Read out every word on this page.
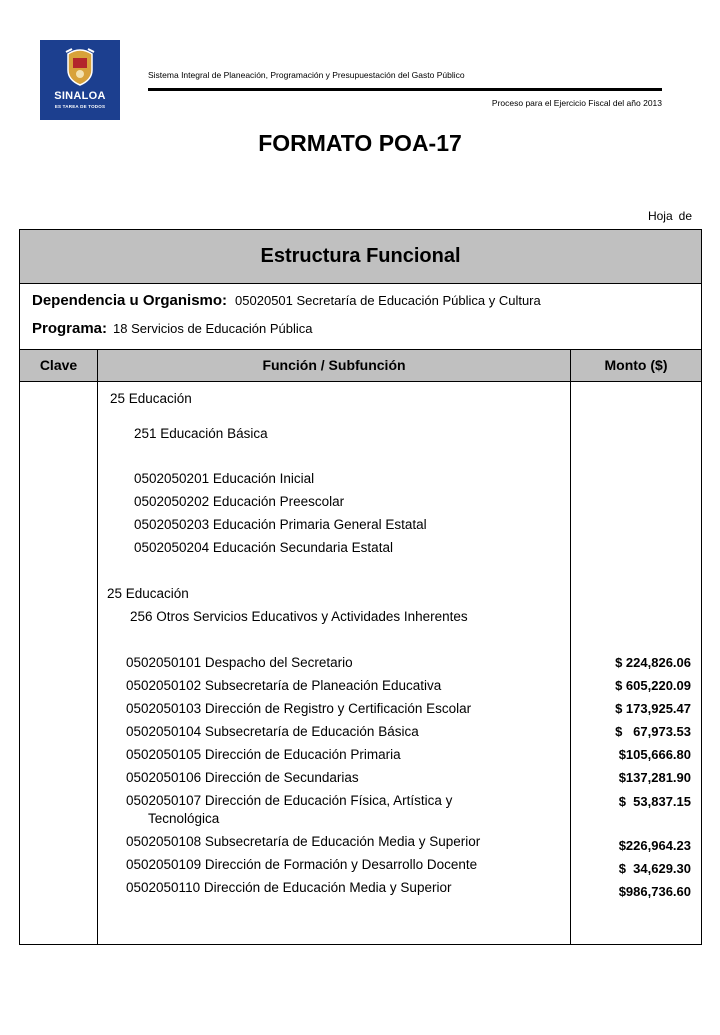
SINALOA
ES TAREA DE TODOS
Sistema Integral de Planeación, Programación y Presupuestación del Gasto Público
Proceso para el Ejercicio Fiscal del año 2013
FORMATO POA-17
Hoja de
Estructura Funcional
Dependencia u Organismo: 05020501 Secretaría de Educación Pública y Cultura
Programa: 18 Servicios de Educación Pública
Clave	Función / Subfunción	Monto ($)
25 Educación
251 Educación Básica
0502050201 Educación Inicial
0502050202 Educación Preescolar
0502050203 Educación Primaria General Estatal
0502050204 Educación Secundaria Estatal
25 Educación
256 Otros Servicios Educativos y Actividades Inherentes
0502050101 Despacho del Secretario
0502050102 Subsecretaría de Planeación Educativa
0502050103 Dirección de Registro y Certificación Escolar
0502050104 Subsecretaría de Educación Básica
0502050105 Dirección de Educación Primaria
0502050106 Dirección de Secundarias
0502050107 Dirección de Educación Física, Artística y
Tecnológica
0502050108 Subsecretaría de Educación Media y Superior
0502050109 Dirección de Formación y Desarrollo Docente
0502050110 Dirección de Educación Media y Superior
$ 224,826.06
$ 605,220.09
$ 173,925.47
$   67,973.53
$105,666.80
$137,281.90
$  53,837.15
$226,964.23
$  34,629.30
$986,736.60
